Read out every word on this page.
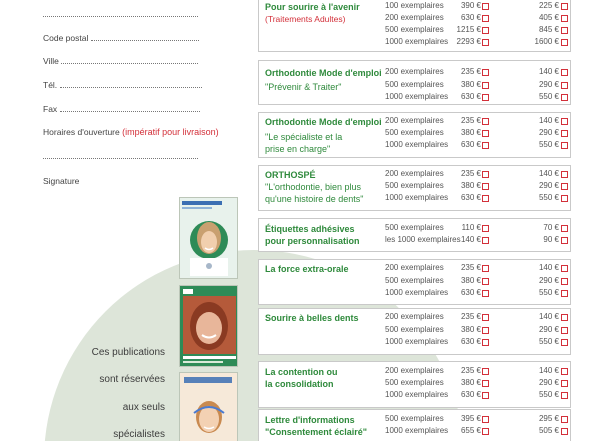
Code postal
Ville
Tél.
Fax
Horaires d'ouverture (impératif pour livraison)
Signature
Ces publications
sont réservées
aux seuls
spécialistes
Pour sourire à l'avenir
(Traitements Adultes)
100 exemplaires	390 €	225 €
200 exemplaires	630 €	405 €
500 exemplaires	1215 €	845 €
1000 exemplaires	2293 €	1600 €
Orthodontie Mode d'emploi
"Prévenir & Traiter"
200 exemplaires	235 €	140 €
500 exemplaires	380 €	290 €
1000 exemplaires	630 €	550 €
Orthodontie Mode d'emploi
"Le spécialiste et la
prise en charge"
200 exemplaires	235 €	140 €
500 exemplaires	380 €	290 €
1000 exemplaires	630 €	550 €
ORTHOSPÉ
"L'orthodontie, bien plus
qu'une histoire de dents"
200 exemplaires	235 €	140 €
500 exemplaires	380 €	290 €
1000 exemplaires	630 €	550 €
Étiquettes adhésives
pour personnalisation
500 exemplaires	110 €	70 €
les 1000 exemplaires 140 €	90 €
La force extra-orale	200 exemplaires	235 €	140 €
500 exemplaires	380 €	290 €
1000 exemplaires	630 €	550 €
Sourire à belles dents	200 exemplaires	235 €	140 €
500 exemplaires	380 €	290 €
1000 exemplaires	630 €	550 €
La contention ou
la consolidation
200 exemplaires	235 €	140 €
500 exemplaires	380 €	290 €
1000 exemplaires	630 €	550 €
Lettre d'informations
"Consentement éclairé"
500 exemplaires	395 €	295 €
1000 exemplaires	655 €	505 €
